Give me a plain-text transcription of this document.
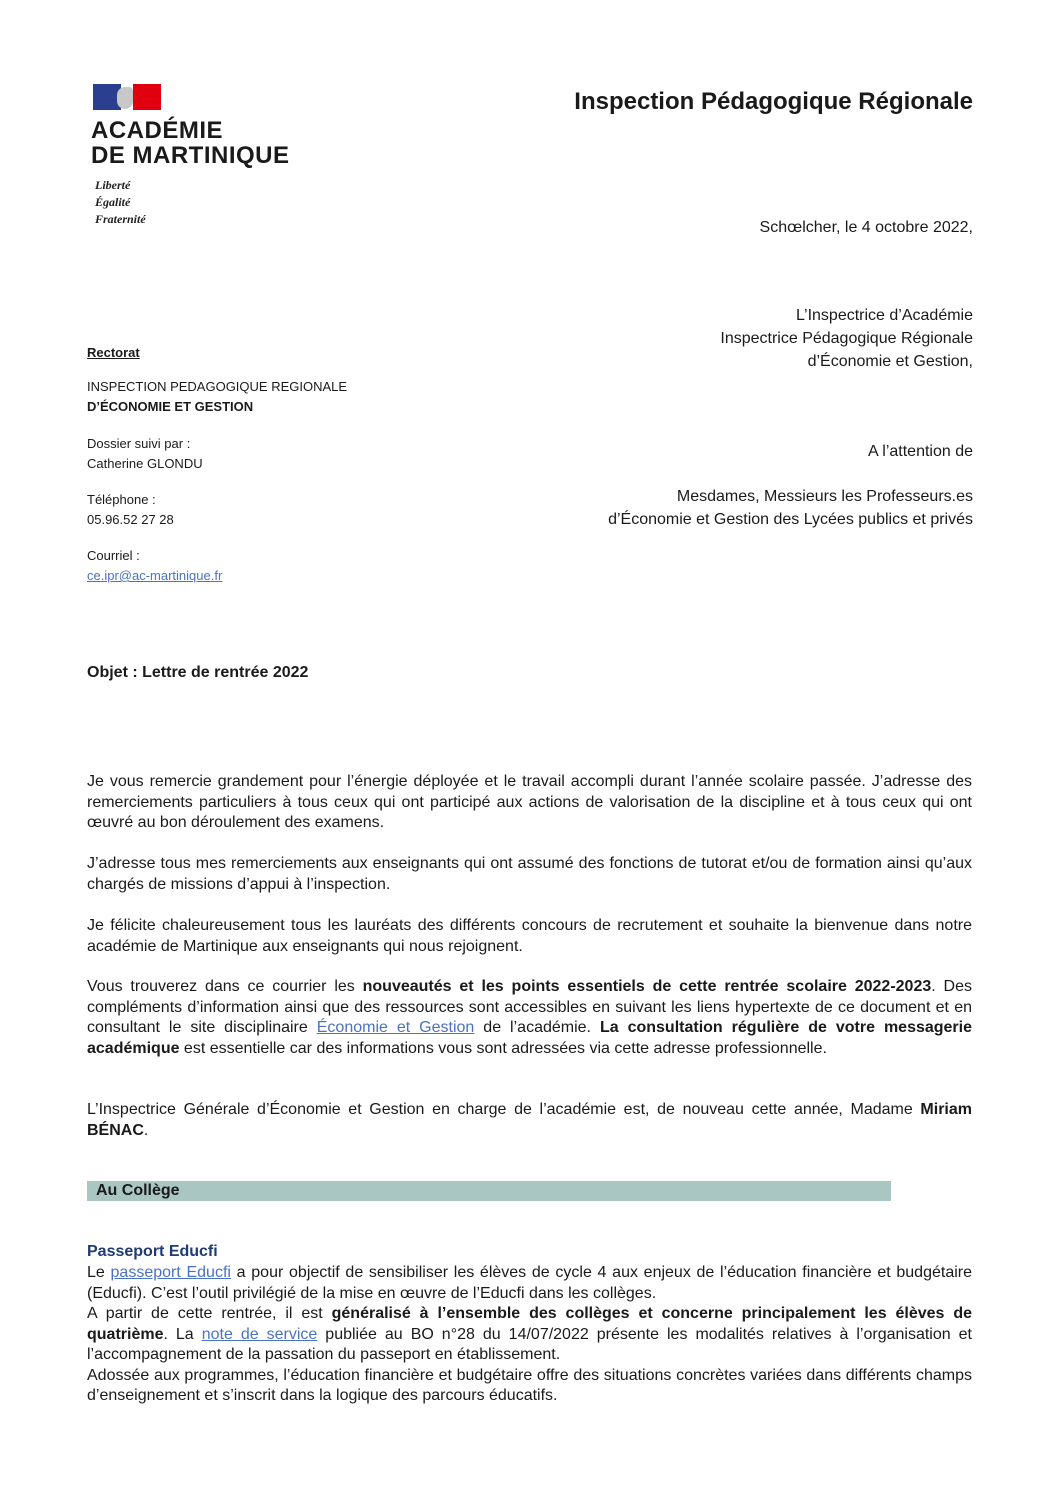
ACADÉMIE
DE MARTINIQUE
Liberté
Égalité
Fraternité
Inspection Pédagogique Régionale
Schœlcher, le 4 octobre 2022,
L’Inspectrice d’Académie
Inspectrice Pédagogique Régionale
d’Économie et Gestion,
A l’attention de
Mesdames, Messieurs les Professeurs.es
d’Économie et Gestion des Lycées publics et privés
Rectorat
INSPECTION PEDAGOGIQUE REGIONALE
D’ÉCONOMIE ET GESTION
Dossier suivi par :
Catherine GLONDU
Téléphone :
05.96.52 27 28
Courriel :
ce.ipr@ac-martinique.fr
Objet : Lettre de rentrée 2022
Je vous remercie grandement pour l’énergie déployée et le travail accompli durant l’année scolaire passée. J’adresse des remerciements particuliers à tous ceux qui ont participé aux actions de valorisation de la discipline et à tous ceux qui ont œuvré au bon déroulement des examens.
J’adresse tous mes remerciements aux enseignants qui ont assumé des fonctions de tutorat et/ou de formation ainsi qu’aux chargés de missions d’appui à l’inspection.
Je félicite chaleureusement tous les lauréats des différents concours de recrutement et souhaite la bienvenue dans notre académie de Martinique aux enseignants qui nous rejoignent.
Vous trouverez dans ce courrier les nouveautés et les points essentiels de cette rentrée scolaire 2022-2023. Des compléments d’information ainsi que des ressources sont accessibles en suivant les liens hypertexte de ce document et en consultant le site disciplinaire Économie et Gestion de l’académie. La consultation régulière de votre messagerie académique est essentielle car des informations vous sont adressées via cette adresse professionnelle.
L’Inspectrice Générale d’Économie et Gestion en charge de l’académie est, de nouveau cette année, Madame Miriam BÉNAC.
Au Collège
Passeport Educfi
Le passeport Educfi a pour objectif de sensibiliser les élèves de cycle 4 aux enjeux de l’éducation financière et budgétaire (Educfi). C’est l’outil privilégié de la mise en œuvre de l’Educfi dans les collèges.
A partir de cette rentrée, il est généralisé à l’ensemble des collèges et concerne principalement les élèves de quatrième. La note de service publiée au BO n°28 du 14/07/2022 présente les modalités relatives à l’organisation et l’accompagnement de la passation du passeport en établissement.
Adossée aux programmes, l’éducation financière et budgétaire offre des situations concrètes variées dans différents champs d’enseignement et s’inscrit dans la logique des parcours éducatifs.
